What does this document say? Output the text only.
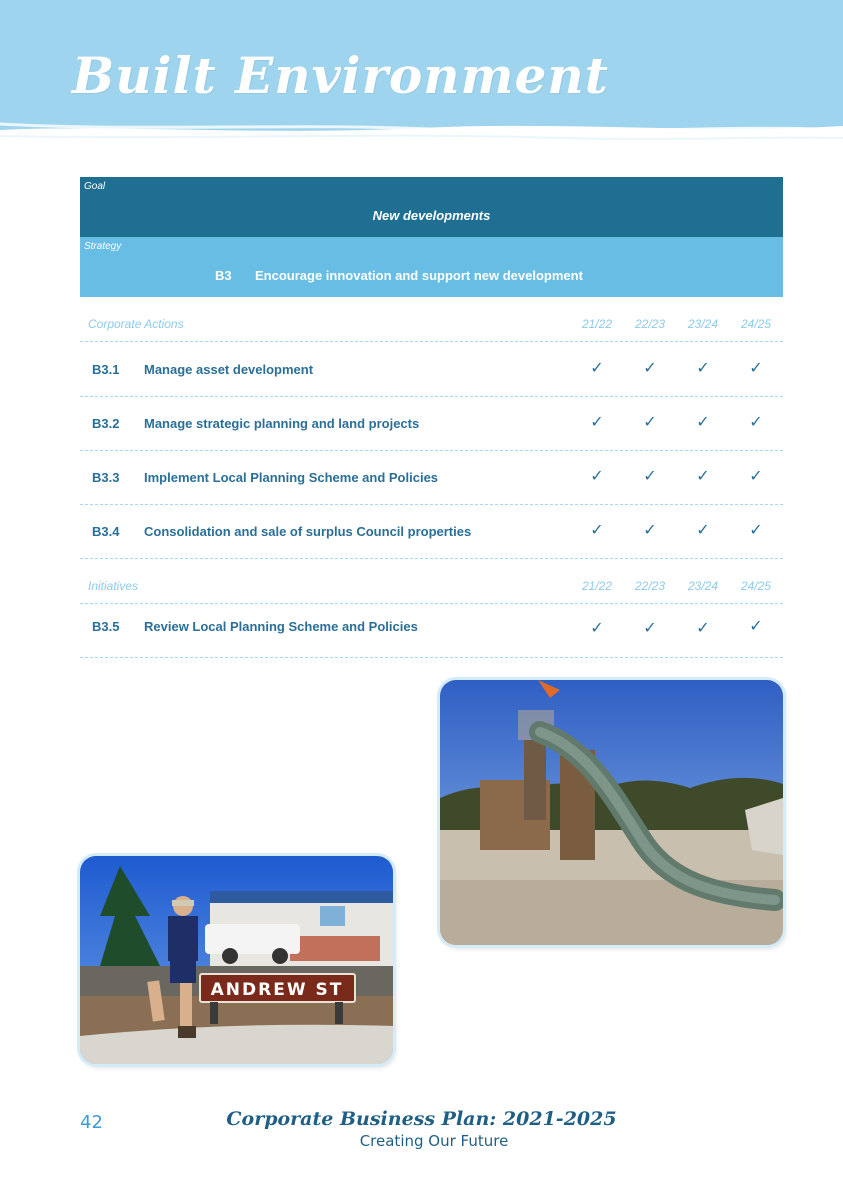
Built Environment
Goal
New developments
Strategy
B3 Encourage innovation and support new development
Corporate Actions	21/22	22/23	23/24	24/25
B3.1 Manage asset development	✓	✓	✓	✓
B3.2 Manage strategic planning and land projects	✓	✓	✓	✓
B3.3 Implement Local Planning Scheme and Policies	✓	✓	✓	✓
B3.4 Consolidation and sale of surplus Council properties	✓	✓	✓	✓
Initiatives	21/22	22/23	23/24	24/25
B3.5 Review Local Planning Scheme and Policies	✓	✓	✓	✓
ANDREW ST
42	Corporate Business Plan: 2021-2025
Creating Our Future
